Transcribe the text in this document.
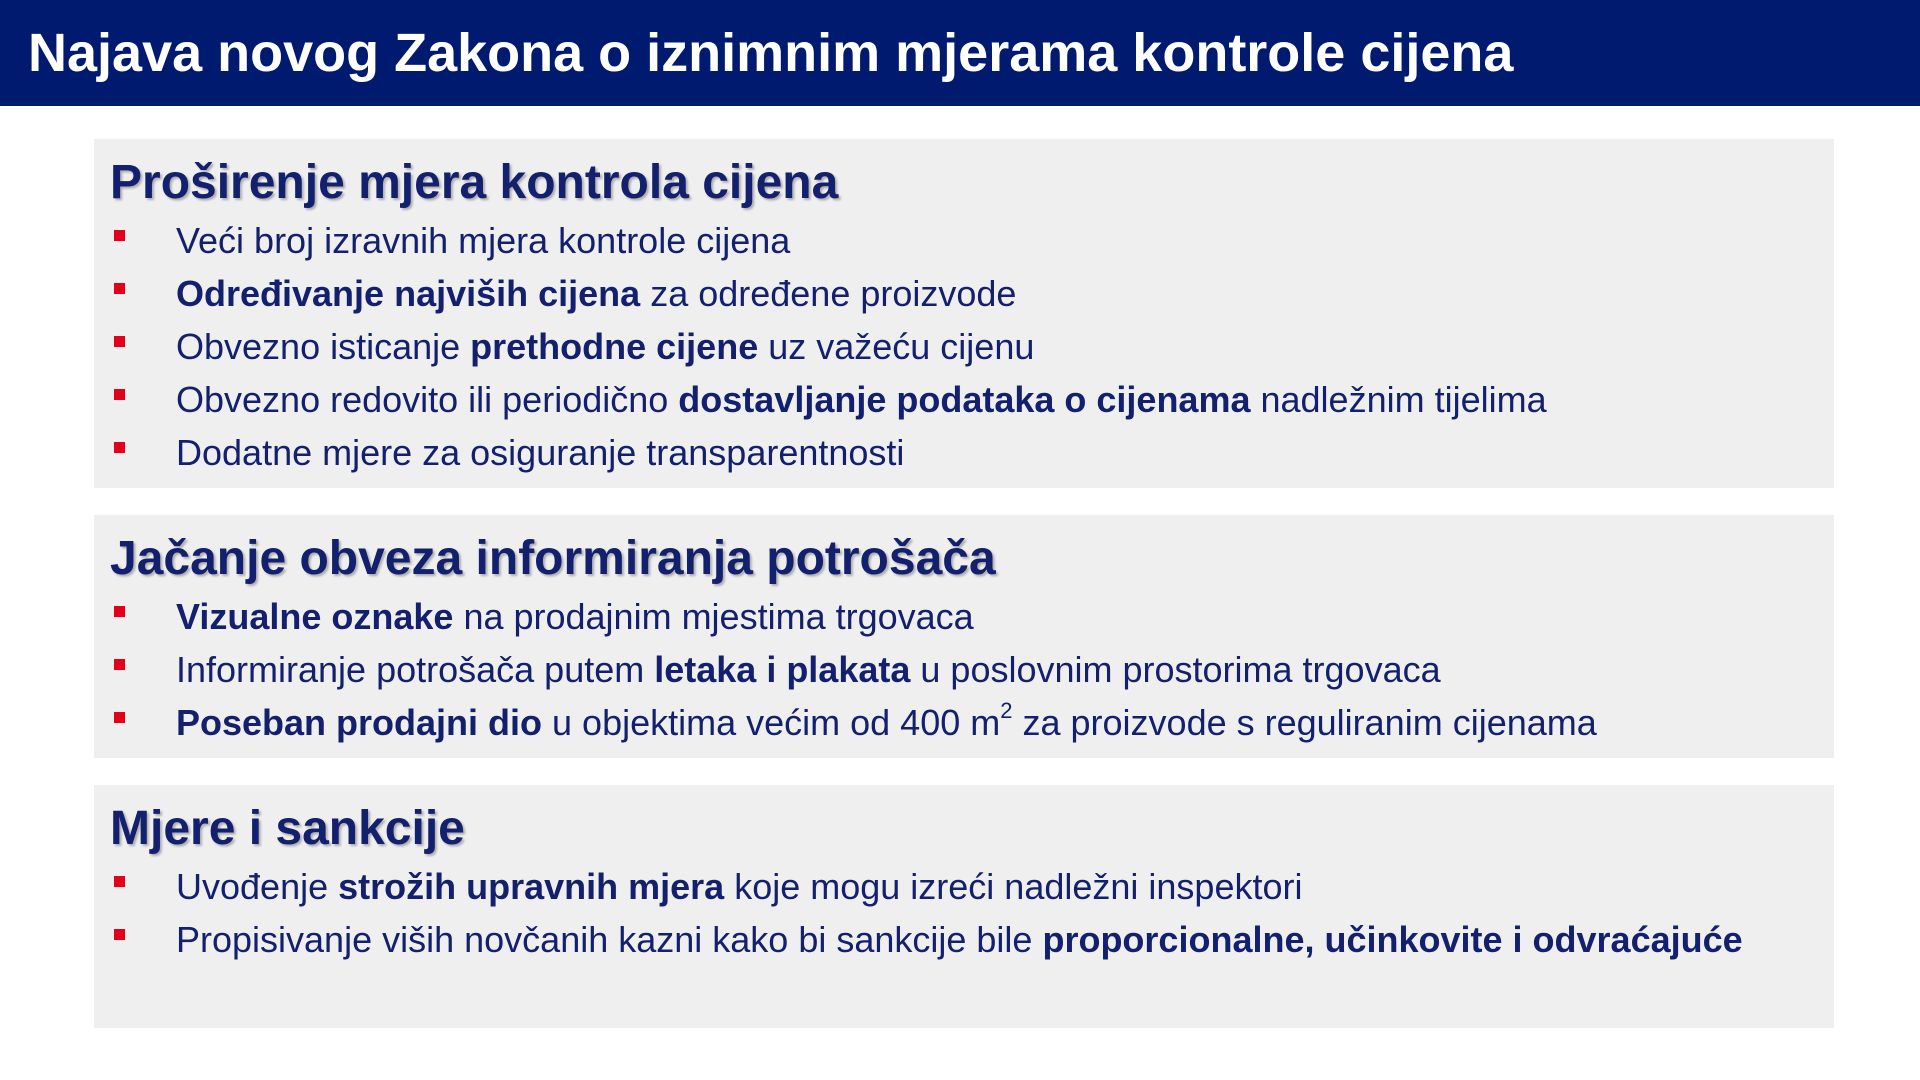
Najava novog Zakona o iznimnim mjerama kontrole cijena
Proširenje mjera kontrola cijena
Veći broj izravnih mjera kontrole cijena
Određivanje najviših cijena za određene proizvode
Obvezno isticanje prethodne cijene uz važeću cijenu
Obvezno redovito ili periodično dostavljanje podataka o cijenama nadležnim tijelima
Dodatne mjere za osiguranje transparentnosti
Jačanje obveza informiranja potrošača
Vizualne oznake na prodajnim mjestima trgovaca
Informiranje potrošača putem letaka i plakata u poslovnim prostorima trgovaca
Poseban prodajni dio u objektima većim od 400 $m^2$ za proizvode s reguliranim cijenama
Mjere i sankcije
Uvođenje strožih upravnih mjera koje mogu izreći nadležni inspektori
Propisivanje viših novčanih kazni kako bi sankcije bile proporcionalne, učinkovite i odvraćajuće
